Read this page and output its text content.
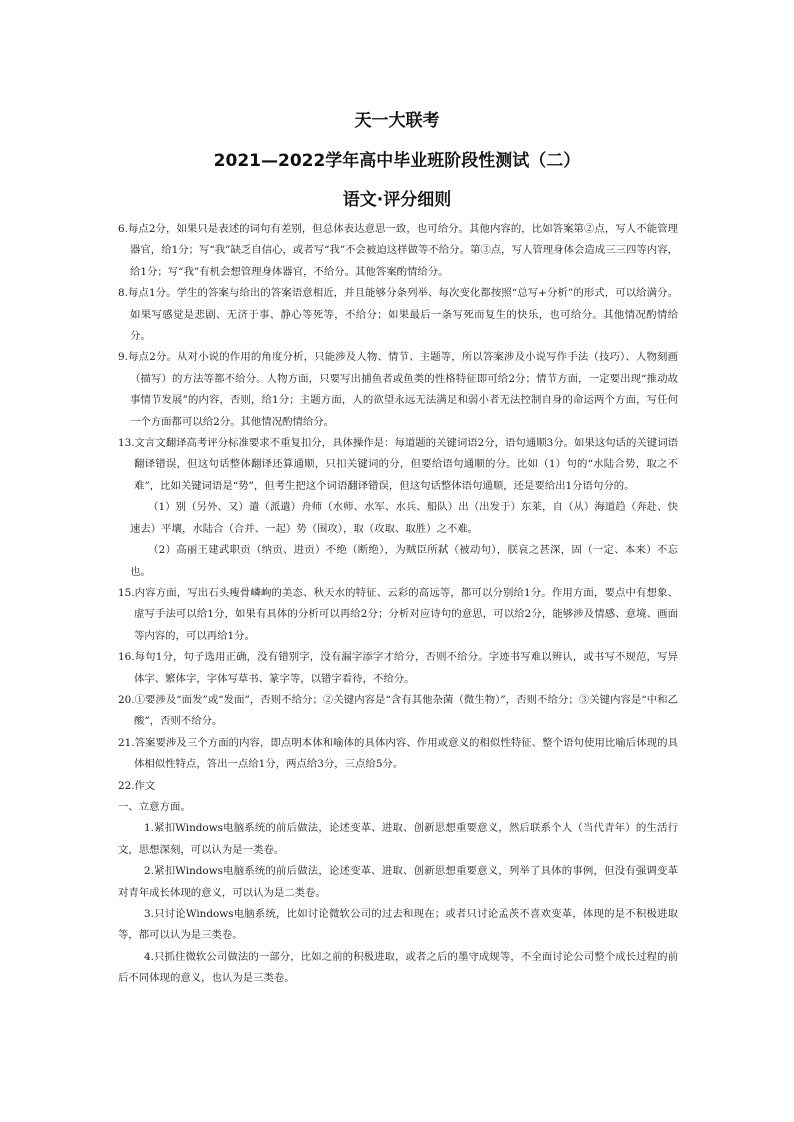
天一大联考
2021—2022学年高中毕业班阶段性测试（二）
语文·评分细则

6.每点2分，如果只是表述的词句有差别，但总体表达意思一致，也可给分。其他内容的，比如答案第②点，写人不能管理器官，给1分；写“我”缺乏自信心，或者写“我”不会被迫这样做等不给分。第③点，写人管理身体会造成三三四等内容，给1分；写“我”有机会想管理身体器官，不给分。其他答案酌情给分。

8.每点1分。学生的答案与给出的答案语意相近，并且能够分条列举、每次变化都按照“总写+分析”的形式，可以给满分。如果写感觉是悲剧、无济于事、静心等死等，不给分；如果最后一条写死而复生的快乐，也可给分。其他情况酌情给分。

9.每点2分。从对小说的作用的角度分析，只能涉及人物、情节、主题等，所以答案涉及小说写作手法（技巧）、人物刻画（描写）的方法等都不给分。人物方面，只要写出捕鱼者或鱼类的性格特征即可给2分；情节方面，一定要出现“推动故事情节发展”的内容，否则，给1分；主题方面，人的欲望永远无法满足和弱小者无法控制自身的命运两个方面，写任何一个方面都可以给2分。其他情况酌情给分。

13.文言文翻译高考评分标准要求不重复扣分，具体操作是：每道题的关键词语2分，语句通顺3分。如果这句话的关键词语翻译错误，但这句话整体翻译还算通顺，只扣关键词的分，但要给语句通顺的分。比如（1）句的“水陆合势，取之不难”，比如关键词语是“势”，但考生把这个词语翻译错误，但这句话整体语句通顺，还是要给出1分语句分的。

（1）别（另外、又）遣（派遣）舟师（水师、水军、水兵、船队）出（出发于）东莱，自（从）海道趋（奔赴、快速去）平壤，水陆合（合并、一起）势（围攻），取（攻取、取胜）之不难。

（2）高丽王建武职贡（纳贡、进贡）不绝（断绝），为贼臣所弑（被动句），朕哀之甚深，固（一定、本来）不忘也。

15.内容方面，写出石头瘦骨嶙峋的美态、秋天水的特征、云彩的高远等，都可以分别给1分。作用方面，要点中有想象、虚写手法可以给1分，如果有具体的分析可以再给2分；分析对应诗句的意思，可以给2分，能够涉及情感、意境、画面等内容的，可以再给1分。

16.每句1分，句子选用正确，没有错别字，没有漏字添字才给分，否则不给分。字迹书写难以辨认，或书写不规范，写异体字、繁体字，字体写草书、篆字等，以错字看待，不给分。

20.①要涉及“面发”或“发面”，否则不给分；②关键内容是“含有其他杂菌（微生物）”，否则不给分；③关键内容是“中和乙酸”，否则不给分。

21.答案要涉及三个方面的内容，即点明本体和喻体的具体内容、作用或意义的相似性特征、整个语句使用比喻后体现的具体相似性特点，答出一点给1分，两点给3分，三点给5分。

22.作文

一、立意方面。

1.紧扣Windows电脑系统的前后做法，论述变革、进取、创新思想重要意义，然后联系个人（当代青年）的生活行文，思想深刻，可以认为是一类卷。

2.紧扣Windows电脑系统的前后做法，论述变革、进取、创新思想重要意义，列举了具体的事例，但没有强调变革对青年成长体现的意义，可以认为是二类卷。

3.只讨论Windows电脑系统，比如讨论微软公司的过去和现在；或者只讨论孟茨不喜欢变革，体现的是不积极进取等，都可以认为是三类卷。

4.只抓住微软公司做法的一部分，比如之前的积极进取，或者之后的墨守成规等，不全面讨论公司整个成长过程的前后不同体现的意义，也认为是三类卷。
